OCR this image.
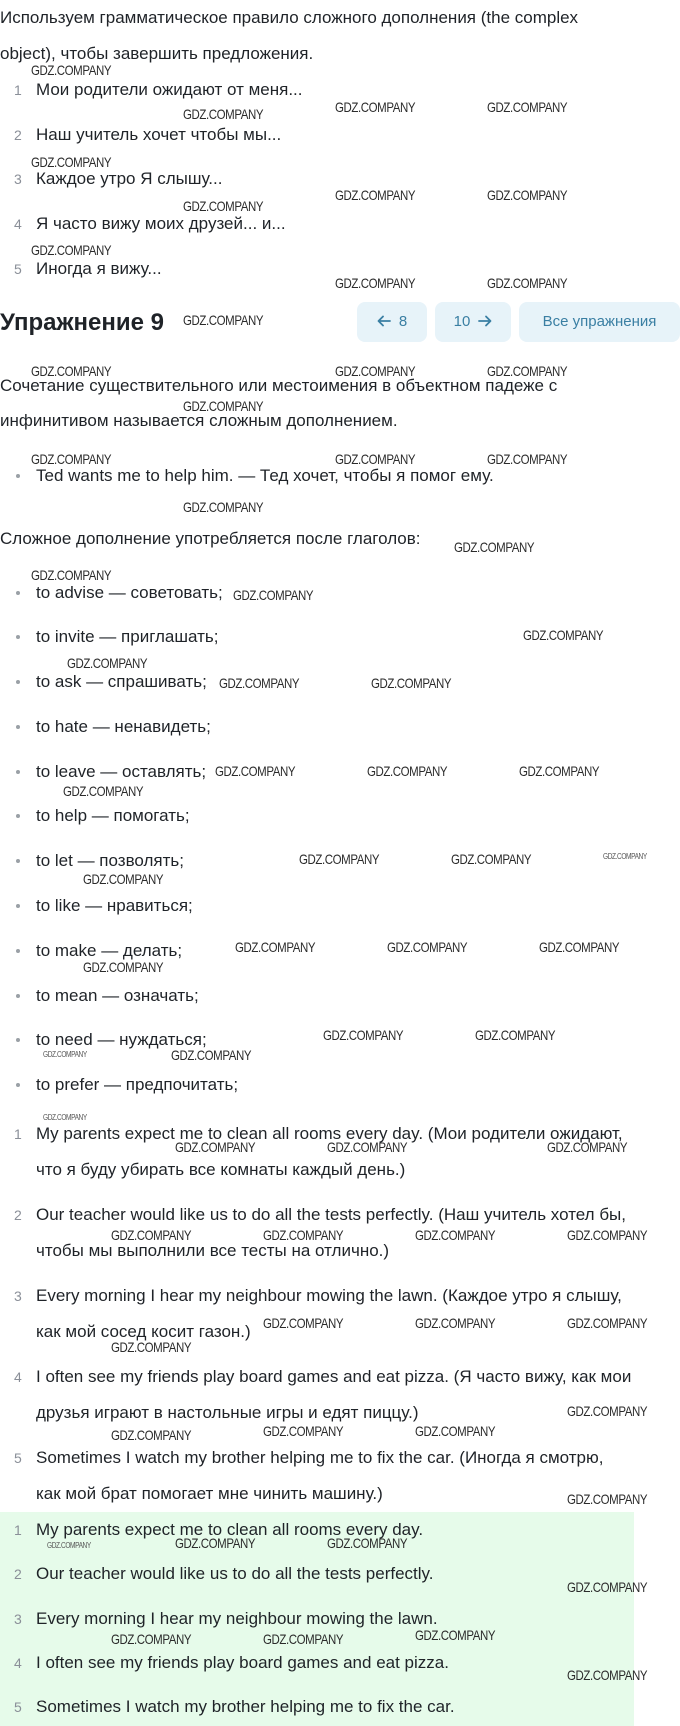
Используем грамматическое правило сложного дополнения (the complex
object), чтобы завершить предложения.
1 Мои родители ожидают от меня...
2 Наш учитель хочет чтобы мы...
3 Каждое утро Я слышу...
4 Я часто вижу моих друзей... и...
5 Иногда я вижу...
Упражнение 9	8	10	Все упражнения
Сочетание существительного или местоимения в объектном падеже с
инфинитивом называется сложным дополнением.
Ted wants me to help him. — Тед хочет, чтобы я помог ему.
Сложное дополнение употребляется после глаголов:
to advise — советовать;
to invite — приглашать;
to ask — спрашивать;
to hate — ненавидеть;
to leave — оставлять;
to help — помогать;
to let — позволять;
to like — нравиться;
to make — делать;
to mean — означать;
to need — нуждаться;
to prefer — предпочитать;
1 My parents expect me to clean all rooms every day. (Мои родители ожидают,
что я буду убирать все комнаты каждый день.)
2 Our teacher would like us to do all the tests perfectly. (Наш учитель хотел бы,
чтобы мы выполнили все тесты на отлично.)
3 Every morning I hear my neighbour mowing the lawn. (Каждое утро я слышу,
как мой сосед косит газон.)
4 I often see my friends play board games and eat pizza. (Я часто вижу, как мои
друзья играют в настольные игры и едят пиццу.)
5 Sometimes I watch my brother helping me to fix the car. (Иногда я смотрю,
как мой брат помогает мне чинить машину.)
1 My parents expect me to clean all rooms every day.
2 Our teacher would like us to do all the tests perfectly.
3 Every morning I hear my neighbour mowing the lawn.
4 I often see my friends play board games and eat pizza.
5 Sometimes I watch my brother helping me to fix the car.
GDZ.COMPANY
GDZ.COMPANY	GDZ.COMPANY	GDZ.COMPANY
GDZ.COMPANY
GDZ.COMPANY
GDZ.COMPANY	GDZ.COMPANY
GDZ.COMPANY
GDZ.COMPANY	GDZ.COMPANY
GDZ.COMPANY
GDZ.COMPANY	GDZ.COMPANY	GDZ.COMPANY
GDZ.COMPANY
GDZ.COMPANY	GDZ.COMPANY	GDZ.COMPANY
GDZ.COMPANY
GDZ.COMPANY
GDZ.COMPANY
GDZ.COMPANY
GDZ.COMPANY
GDZ.COMPANY
GDZ.COMPANY	GDZ.COMPANY
GDZ.COMPANY	GDZ.COMPANY	GDZ.COMPANY
GDZ.COMPANY
GDZ.COMPANY	GDZ.COMPANY	GDZ.COMPANY
GDZ.COMPANY
GDZ.COMPANY	GDZ.COMPANY	GDZ.COMPANY
GDZ.COMPANY
GDZ.COMPANY	GDZ.COMPANY
GDZ.COMPANY	GDZ.COMPANY
GDZ.COMPANY
GDZ.COMPANY	GDZ.COMPANY	GDZ.COMPANY
GDZ.COMPANY	GDZ.COMPANY	GDZ.COMPANY	GDZ.COMPANY
GDZ.COMPANY	GDZ.COMPANY	GDZ.COMPANY
GDZ.COMPANY
GDZ.COMPANY
GDZ.COMPANY	GDZ.COMPANY	GDZ.COMPANY
GDZ.COMPANY
GDZ.COMPANY	GDZ.COMPANY	GDZ.COMPANY
GDZ.COMPANY
GDZ.COMPANY	GDZ.COMPANY	GDZ.COMPANY
GDZ.COMPANY
